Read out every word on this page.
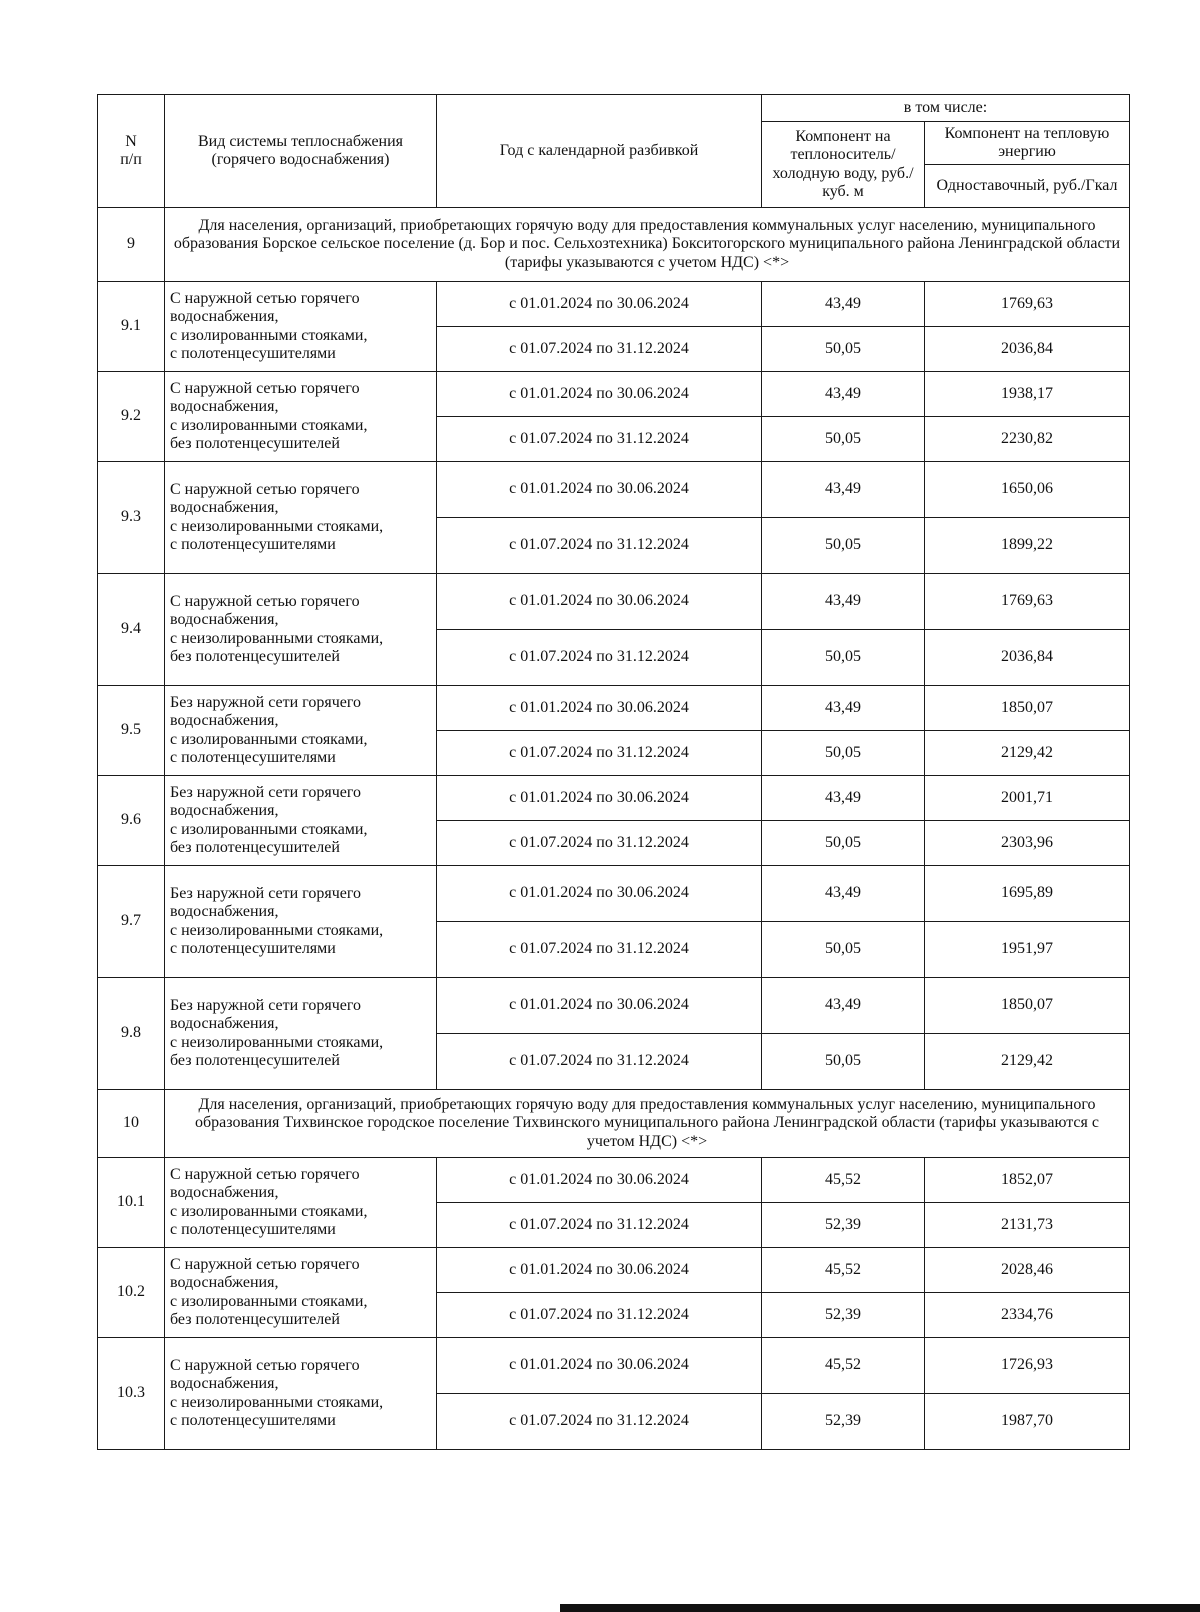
N
п/п	Вид системы теплоснабжения (горячего водоснабжения)	Год с календарной разбивкой	в том числе:	
			Компонент на теплоноситель/ холодную воду, руб./куб. м	Компонент на тепловую энергию
				Одноставочный, руб./Гкал
9	Для населения, организаций, приобретающих горячую воду для предоставления коммунальных услуг населению, муниципального образования Борское сельское поселение (д. Бор и пос. Сельхозтехника) Бокситогорского муниципального района Ленинградской области (тарифы указываются с учетом НДС) <*>			
9.1	С наружной сетью горячего водоснабжения,
с изолированными стояками,
с полотенцесушителями	с 01.01.2024 по 30.06.2024	43,49	1769,63
		с 01.07.2024 по 31.12.2024	50,05	2036,84
9.2	С наружной сетью горячего водоснабжения,
с изолированными стояками,
без полотенцесушителей	с 01.01.2024 по 30.06.2024	43,49	1938,17
		с 01.07.2024 по 31.12.2024	50,05	2230,82
9.3	С наружной сетью горячего водоснабжения,
с неизолированными стояками,
с полотенцесушителями	с 01.01.2024 по 30.06.2024	43,49	1650,06
		с 01.07.2024 по 31.12.2024	50,05	1899,22
9.4	С наружной сетью горячего водоснабжения,
с неизолированными стояками,
без полотенцесушителей	с 01.01.2024 по 30.06.2024	43,49	1769,63
		с 01.07.2024 по 31.12.2024	50,05	2036,84
9.5	Без наружной сети горячего водоснабжения,
с изолированными стояками,
с полотенцесушителями	с 01.01.2024 по 30.06.2024	43,49	1850,07
		с 01.07.2024 по 31.12.2024	50,05	2129,42
9.6	Без наружной сети горячего водоснабжения,
с изолированными стояками,
без полотенцесушителей	с 01.01.2024 по 30.06.2024	43,49	2001,71
		с 01.07.2024 по 31.12.2024	50,05	2303,96
9.7	Без наружной сети горячего водоснабжения,
с неизолированными стояками,
с полотенцесушителями	с 01.01.2024 по 30.06.2024	43,49	1695,89
		с 01.07.2024 по 31.12.2024	50,05	1951,97
9.8	Без наружной сети горячего водоснабжения,
с неизолированными стояками,
без полотенцесушителей	с 01.01.2024 по 30.06.2024	43,49	1850,07
		с 01.07.2024 по 31.12.2024	50,05	2129,42
10	Для населения, организаций, приобретающих горячую воду для предоставления коммунальных услуг населению, муниципального образования Тихвинское городское поселение Тихвинского муниципального района Ленинградской области (тарифы указываются с учетом НДС) <*>			
10.1	С наружной сетью горячего водоснабжения,
с изолированными стояками,
с полотенцесушителями	с 01.01.2024 по 30.06.2024	45,52	1852,07
		с 01.07.2024 по 31.12.2024	52,39	2131,73
10.2	С наружной сетью горячего водоснабжения,
с изолированными стояками,
без полотенцесушителей	с 01.01.2024 по 30.06.2024	45,52	2028,46
		с 01.07.2024 по 31.12.2024	52,39	2334,76
10.3	С наружной сетью горячего водоснабжения,
с неизолированными стояками,
с полотенцесушителями	с 01.01.2024 по 30.06.2024	45,52	1726,93
		с 01.07.2024 по 31.12.2024	52,39	1987,70
